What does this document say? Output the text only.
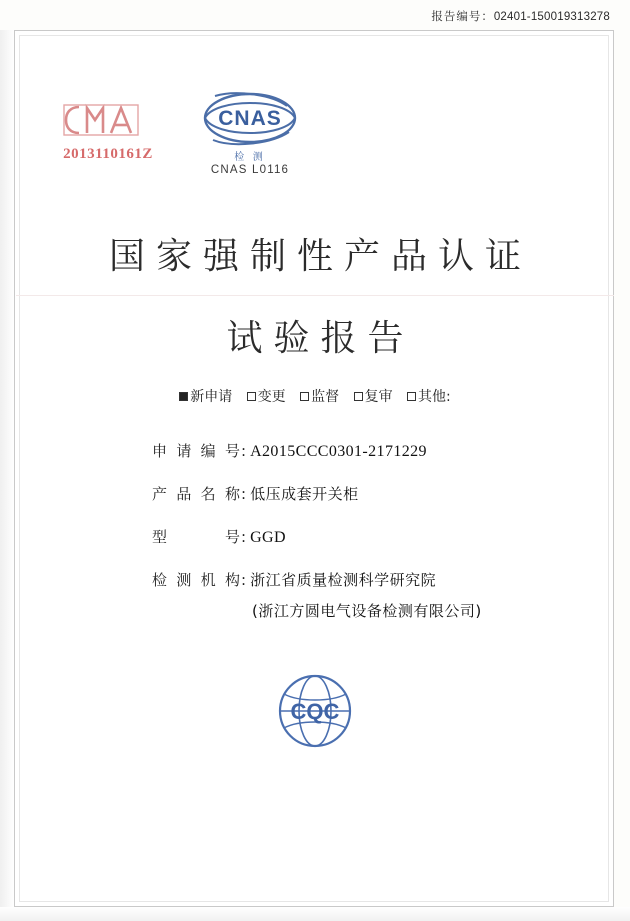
报告编号：02401-150019313278
2013110161Z
CNAS
检 测
CNAS L0116
国家强制性产品认证
试验报告
新申请 变更 监督 复审 其他:
申请编号 : A2015CCC0301-2171229
产品名称 : 低压成套开关柜
型　　号 : GGD
检测机构 : 浙江省质量检测科学研究院
(浙江方圆电气设备检测有限公司)
CQC
